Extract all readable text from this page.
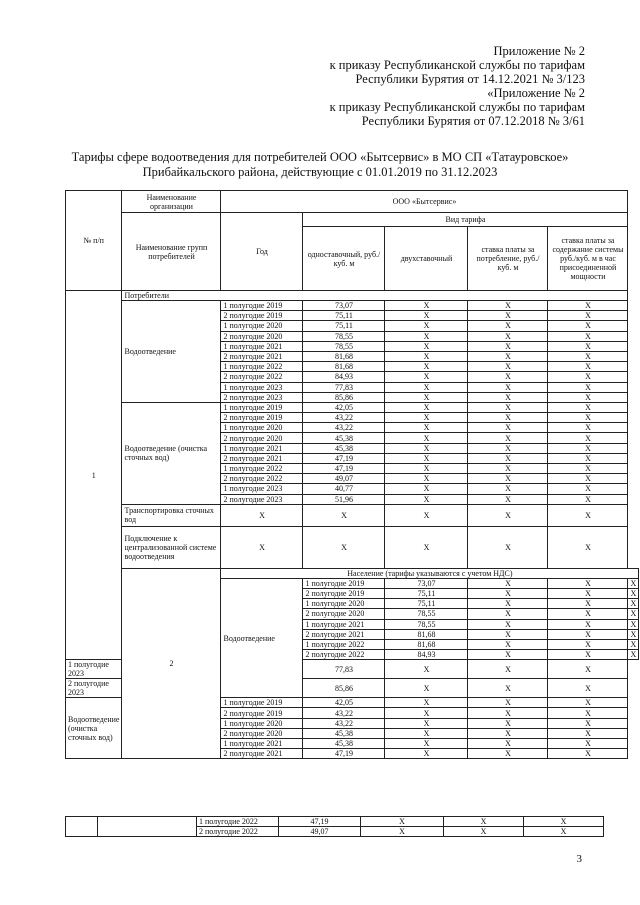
Приложение № 2
к приказу Республиканской службы по тарифам
Республики Бурятия от 14.12.2021 № 3/123
«Приложение № 2
к приказу Республиканской службы по тарифам
Республики Бурятия от 07.12.2018 № 3/61
Тарифы сфере водоотведения для потребителей ООО «Бытсервис» в МО СП «Татауровское»
Прибайкальского района, действующие с 01.01.2019 по 31.12.2023
№ п/п	Наименование организации	ООО «Бытсервис»					
	Наименование групп потребителей	Год	Вид тарифа				
			одноставочный, руб./ куб. м	двухставочный	ставка платы за потребление, руб./ куб. м	ставка платы за содержание системы руб./куб. м в час присоединенной мощности	
1	Потребители						
	Водоотведение	1 полугодие 2019	73,07	X	X	X	
		2 полугодие 2019	75,11	X	X	X	
		1 полугодие 2020	75,11	X	X	X	
		2 полугодие 2020	78,55	X	X	X	
		1 полугодие 2021	78,55	X	X	X	
		2 полугодие 2021	81,68	X	X	X	
		1 полугодие 2022	81,68	X	X	X	
		2 полугодие 2022	84,93	X	X	X	
		1 полугодие 2023	77,83	X	X	X	
		2 полугодие 2023	85,86	X	X	X	
	Водоотведение (очистка сточных вод)	1 полугодие 2019	42,05	X	X	X	
		2 полугодие 2019	43,22	X	X	X	
		1 полугодие 2020	43,22	X	X	X	
		2 полугодие 2020	45,38	X	X	X	
		1 полугодие 2021	45,38	X	X	X	
		2 полугодие 2021	47,19	X	X	X	
		1 полугодие 2022	47,19	X	X	X	
		2 полугодие 2022	49,07	X	X	X	
		1 полугодие 2023	40,77	X	X	X	
		2 полугодие 2023	51,96	X	X	X	
	Транспортировка сточных вод	X	X	X	X	X	
	Подключение к централизованной системе водоотведения	X	X	X	X	X	
	2	Население (тарифы указываются с учетом НДС)					
		Водоотведение	1 полугодие 2019	73,07	X	X	X
			2 полугодие 2019	75,11	X	X	X
			1 полугодие 2020	75,11	X	X	X
			2 полугодие 2020	78,55	X	X	X
			1 полугодие 2021	78,55	X	X	X
			2 полугодие 2021	81,68	X	X	X
			1 полугодие 2022	81,68	X	X	X
			2 полугодие 2022	84,93	X	X	X
1 полугодие 2023			77,83	X	X	X	
2 полугодие 2023			85,86	X	X	X	
Водоотведение (очистка сточных вод)		1 полугодие 2019	42,05	X	X	X	
		2 полугодие 2019	43,22	X	X	X	
		1 полугодие 2020	43,22	X	X	X	
		2 полугодие 2020	45,38	X	X	X	
		1 полугодие 2021	45,38	X	X	X	
		2 полугодие 2021	47,19	X	X	X	
		1 полугодие 2022	47,19	X	X	X
		2 полугодие 2022	49,07	X	X	X
3
